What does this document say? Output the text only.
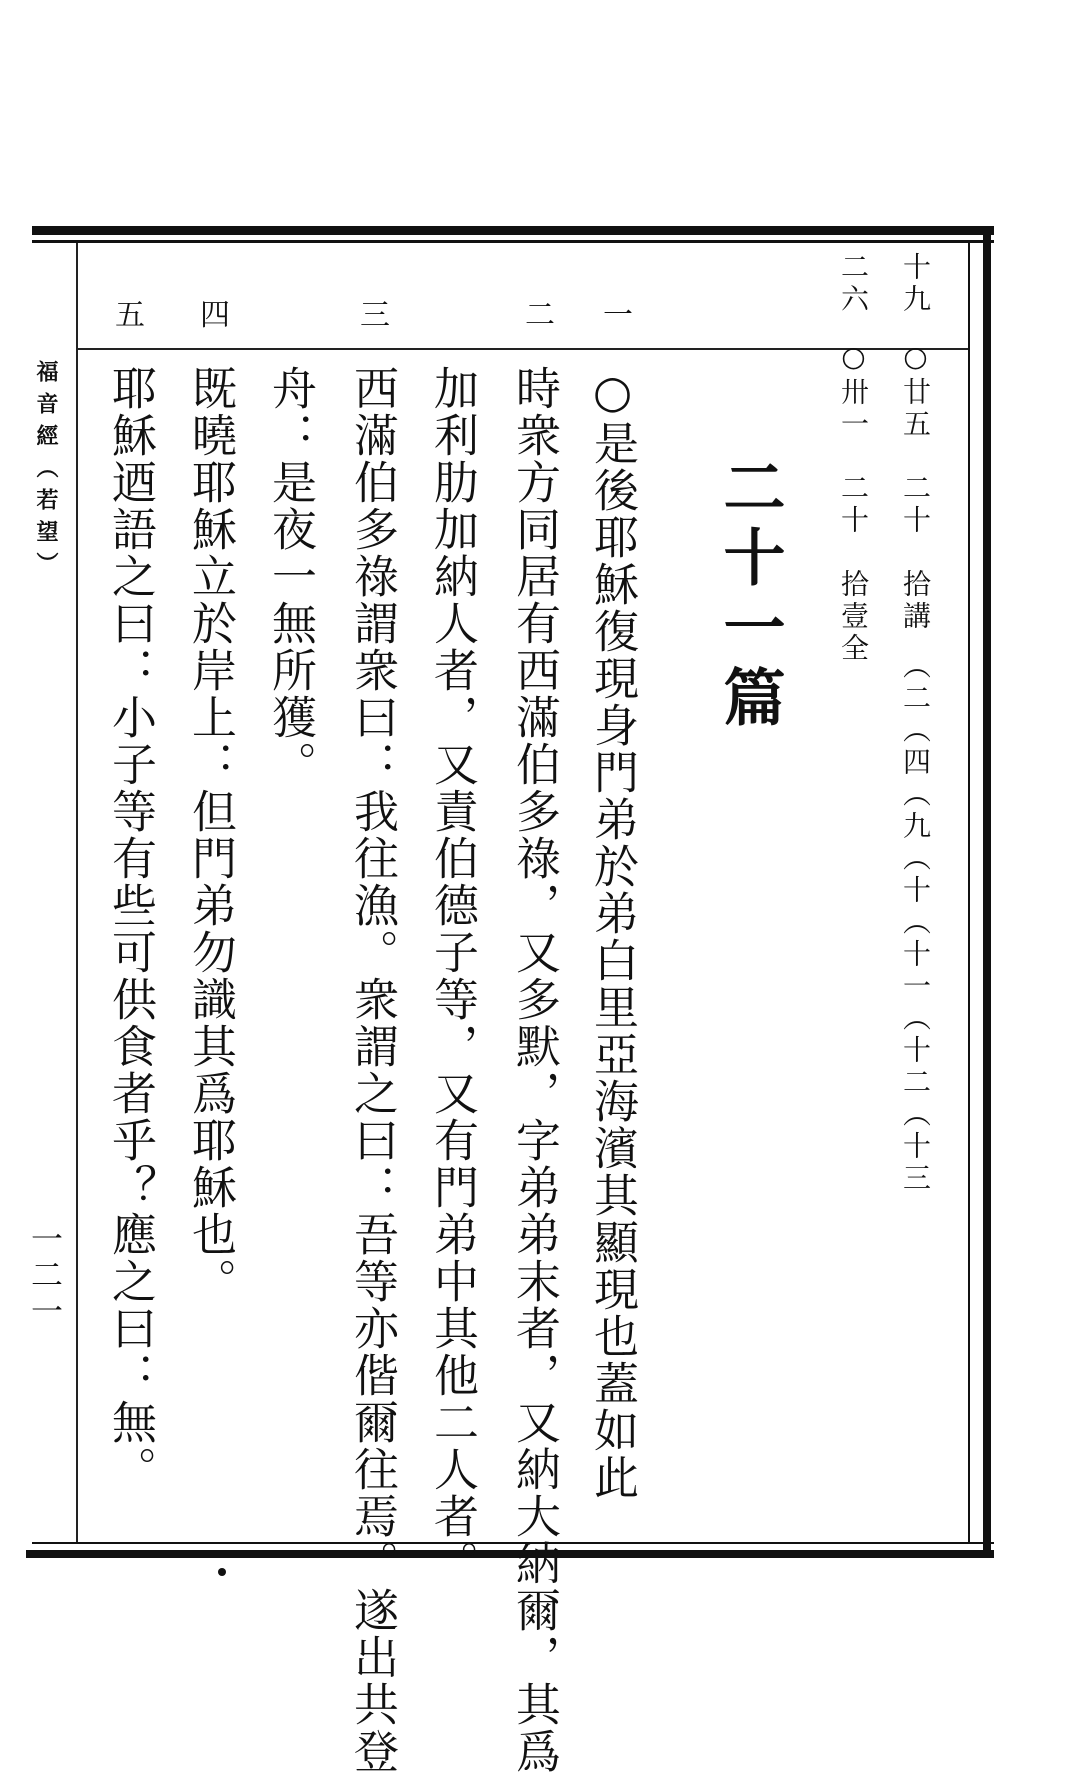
福音經（若望）
一二一
十九
○廿五　二十　拾講　（二（四（九（十（十一（十二（十三
二六
○卅一　二十　拾壹全
二十一篇
一
二
三
四
五
○是後耶穌復現身門弟於弟白里亞海濱其顯現也蓋如此
時衆方同居有西滿伯多祿，又多默，字弟弟末者，又納大納爾，其爲
加利肋加納人者，又責伯德子等，又有門弟中其他二人者。
西滿伯多祿謂衆曰：我往漁。衆謂之曰：吾等亦偕爾往焉。遂出共登
舟：是夜一無所獲。
既曉耶穌立於岸上：但門弟勿識其爲耶穌也。
耶穌迺語之曰：小子等有些可供食者乎？應之曰：無。
